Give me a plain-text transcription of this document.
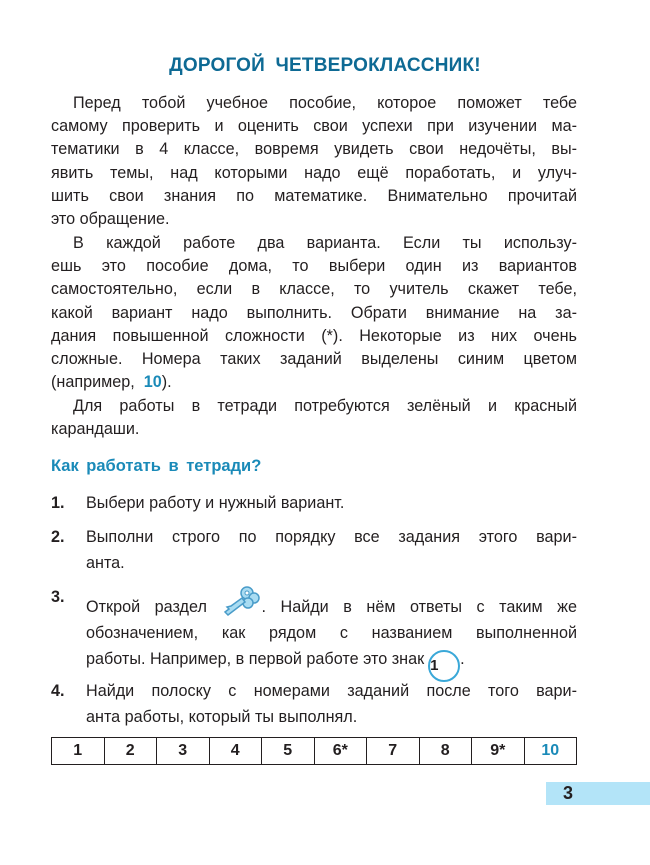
ДОРОГОЙ ЧЕТВЕРОКЛАССНИК!
Перед тобой учебное пособие, которое поможет тебе
самому проверить и оценить свои успехи при изучении ма-
тематики в 4 классе, вовремя увидеть свои недочёты, вы-
явить темы, над которыми надо ещё поработать, и улуч-
шить свои знания по математике. Внимательно прочитай
это обращение.
В каждой работе два варианта. Если ты использу-
ешь это пособие дома, то выбери один из вариантов
самостоятельно, если в классе, то учитель скажет тебе,
какой вариант надо выполнить. Обрати внимание на за-
дания повышенной сложности (*). Некоторые из них очень
сложные. Номера таких заданий выделены синим цветом
(например, 10).
Для работы в тетради потребуются зелёный и красный
карандаши.
Как работать в тетради?
1. Выбери работу и нужный вариант.
2. Выполни строго по порядку все задания этого вари-
анта.
3.
Открой раздел	. Найди в нём ответы с таким же
обозначением, как рядом с названием выполненной
работы. Например, в первой работе это знак 1 .
4. Найди полоску с номерами заданий после того вари-
анта работы, который ты выполнял.
1	2	3	4	5	6*	7	8	9*	10
3
